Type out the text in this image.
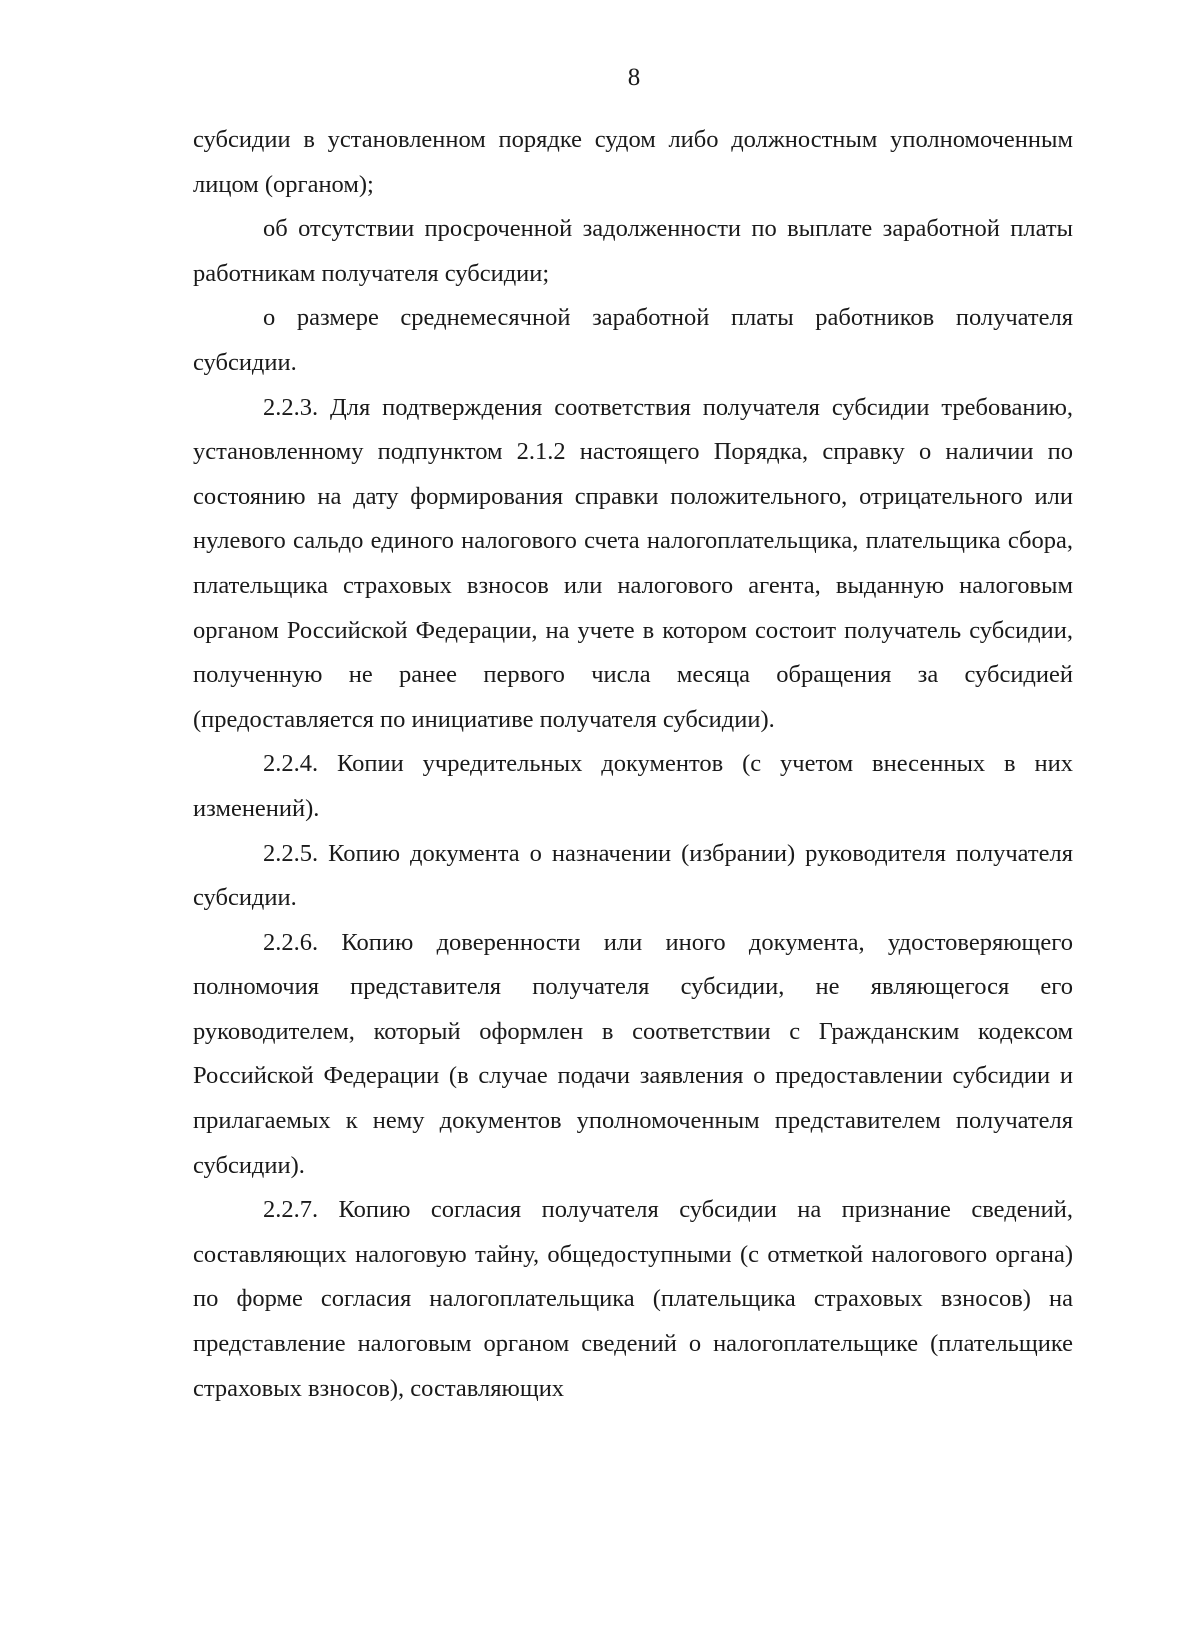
8

субсидии в установленном порядке судом либо должностным уполномоченным лицом (органом);

об отсутствии просроченной задолженности по выплате заработной платы работникам получателя субсидии;

о размере среднемесячной заработной платы работников получателя субсидии.

2.2.3. Для подтверждения соответствия получателя субсидии требованию, установленному подпунктом 2.1.2 настоящего Порядка, справку о наличии по состоянию на дату формирования справки положительного, отрицательного или нулевого сальдо единого налогового счета налогоплательщика, плательщика сбора, плательщика страховых взносов или налогового агента, выданную налоговым органом Российской Федерации, на учете в котором состоит получатель субсидии, полученную не ранее первого числа месяца обращения за субсидией (предоставляется по инициативе получателя субсидии).

2.2.4. Копии учредительных документов (с учетом внесенных в них изменений).

2.2.5. Копию документа о назначении (избрании) руководителя получателя субсидии.

2.2.6. Копию доверенности или иного документа, удостоверяющего полномочия представителя получателя субсидии, не являющегося его руководителем, который оформлен в соответствии с Гражданским кодексом Российской Федерации (в случае подачи заявления о предоставлении субсидии и прилагаемых к нему документов уполномоченным представителем получателя субсидии).

2.2.7. Копию согласия получателя субсидии на признание сведений, составляющих налоговую тайну, общедоступными (с отметкой налогового органа) по форме согласия налогоплательщика (плательщика страховых взносов) на представление налоговым органом сведений о налогоплательщике (плательщике страховых взносов), составляющих
